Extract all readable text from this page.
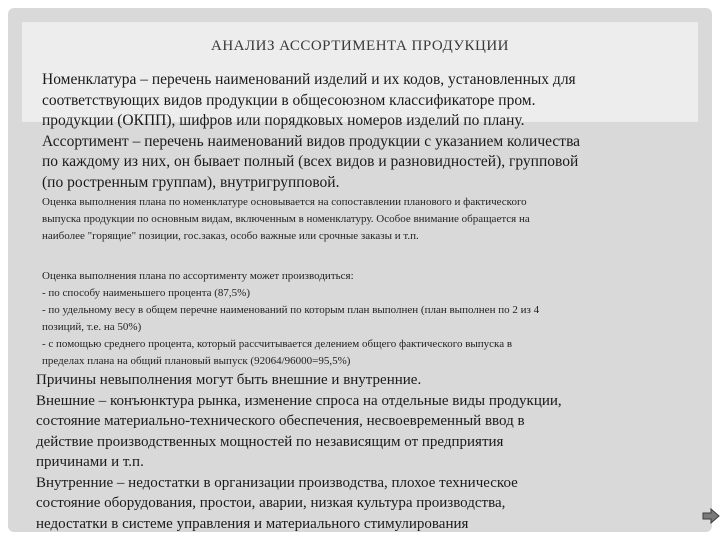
АНАЛИЗ АССОРТИМЕНТА ПРОДУКЦИИ
Номенклатура – перечень наименований изделий и их кодов, установленных для
соответствующих видов продукции в общесоюзном классификаторе пром.
продукции (ОКПП), шифров или порядковых номеров изделий по плану.
Ассортимент – перечень наименований видов продукции с указанием количества
по каждому из них, он бывает полный (всех видов и разновидностей), групповой
(по ростренным группам), внутригрупповой.
Оценка выполнения плана по номенклатуре основывается на сопоставлении планового и фактического
выпуска продукции по основным видам, включенным в номенклатуру. Особое внимание обращается на
наиболее "горящие" позиции, гос.заказ, особо важные или срочные заказы и т.п.
Оценка выполнения плана по ассортименту может производиться:
- по способу наименьшего процента (87,5%)
- по удельному весу в общем перечне наименований по которым план выполнен (план выполнен по 2 из 4
позиций, т.е. на 50%)
- с помощью среднего процента, который рассчитывается делением общего фактического выпуска в
пределах плана на общий плановый выпуск (92064/96000=95,5%)
Причины невыполнения могут быть внешние и внутренние.
Внешние – конъюнктура рынка, изменение спроса на отдельные виды продукции,
состояние материально-технического обеспечения, несвоевременный ввод в
действие производственных мощностей по независящим от предприятия
причинами и т.п.
Внутренние – недостатки в организации производства, плохое техническое
состояние оборудования, простои, аварии, низкая культура производства,
недостатки в системе управления и материального стимулирования
